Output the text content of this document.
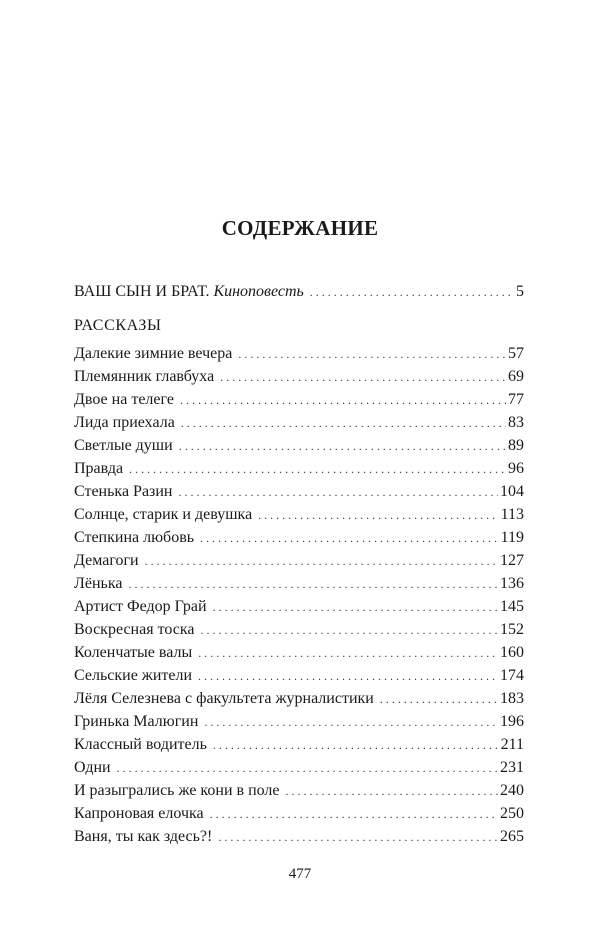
СОДЕРЖАНИЕ
ВАШ СЫН И БРАТ. Киноповесть . . .	5
РАССКАЗЫ
Далекие зимние вечера . . .	57
Племянник главбуха . . .	69
Двое на телеге . . .	77
Лида приехала . . .	83
Светлые души . . .	89
Правда . . .	96
Стенька Разин . . .	104
Солнце, старик и девушка . . .	113
Степкина любовь . . .	119
Демагоги . . .	127
Лёнька . . .	136
Артист Федор Грай . . .	145
Воскресная тоска . . .	152
Коленчатые валы . . .	160
Сельские жители . . .	174
Лёля Селезнева с факультета журналистики . . .	183
Гринька Малюгин . . .	196
Классный водитель . . .	211
Одни . . .	231
И разыгрались же кони в поле . . .	240
Капроновая елочка . . .	250
Ваня, ты как здесь?! . . .	265
477
